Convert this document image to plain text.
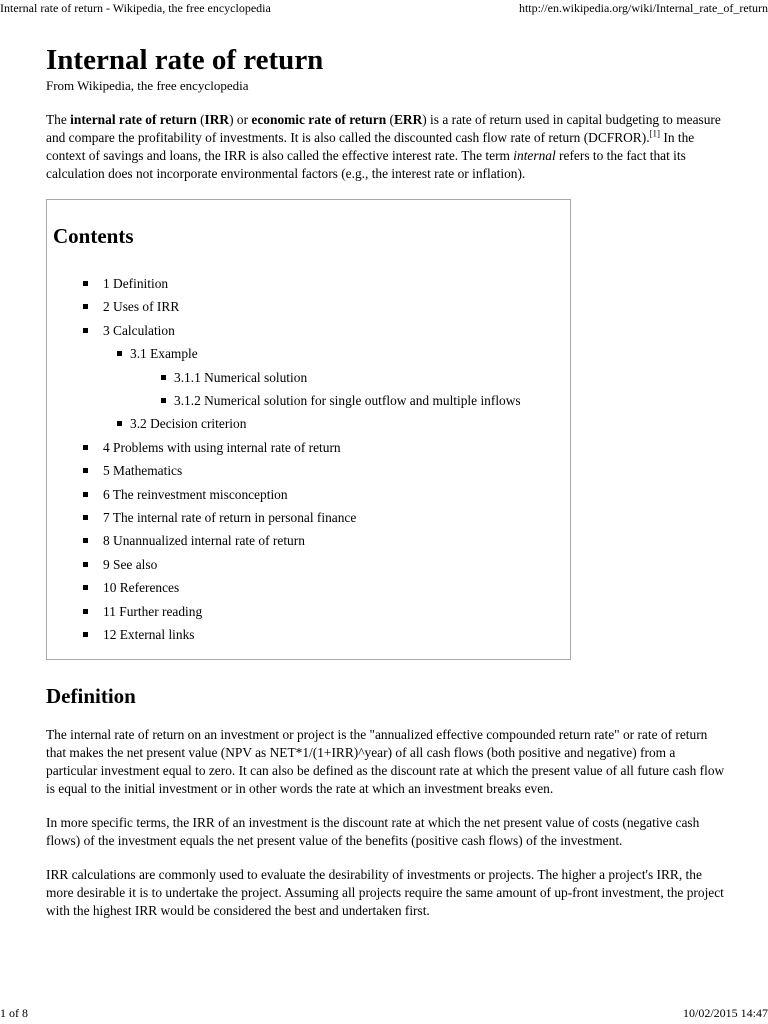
Internal rate of return - Wikipedia, the free encyclopedia	http://en.wikipedia.org/wiki/Internal_rate_of_return
Internal rate of return
From Wikipedia, the free encyclopedia

The internal rate of return (IRR) or economic rate of return (ERR) is a rate of return used in capital budgeting to measure and compare the profitability of investments. It is also called the discounted cash flow rate of return (DCFROR).[1] In the context of savings and loans, the IRR is also called the effective interest rate. The term internal refers to the fact that its calculation does not incorporate environmental factors (e.g., the interest rate or inflation).

Contents
1 Definition
2 Uses of IRR
3 Calculation
3.1 Example
3.1.1 Numerical solution
3.1.2 Numerical solution for single outflow and multiple inflows
3.2 Decision criterion
4 Problems with using internal rate of return
5 Mathematics
6 The reinvestment misconception
7 The internal rate of return in personal finance
8 Unannualized internal rate of return
9 See also
10 References
11 Further reading
12 External links
Definition

The internal rate of return on an investment or project is the "annualized effective compounded return rate" or rate of return that makes the net present value (NPV as NET*1/(1+IRR)^year) of all cash flows (both positive and negative) from a particular investment equal to zero. It can also be defined as the discount rate at which the present value of all future cash flow is equal to the initial investment or in other words the rate at which an investment breaks even.

In more specific terms, the IRR of an investment is the discount rate at which the net present value of costs (negative cash flows) of the investment equals the net present value of the benefits (positive cash flows) of the investment.

IRR calculations are commonly used to evaluate the desirability of investments or projects. The higher a project's IRR, the more desirable it is to undertake the project. Assuming all projects require the same amount of up-front investment, the project with the highest IRR would be considered the best and undertaken first.

1 of 8	10/02/2015 14:47
